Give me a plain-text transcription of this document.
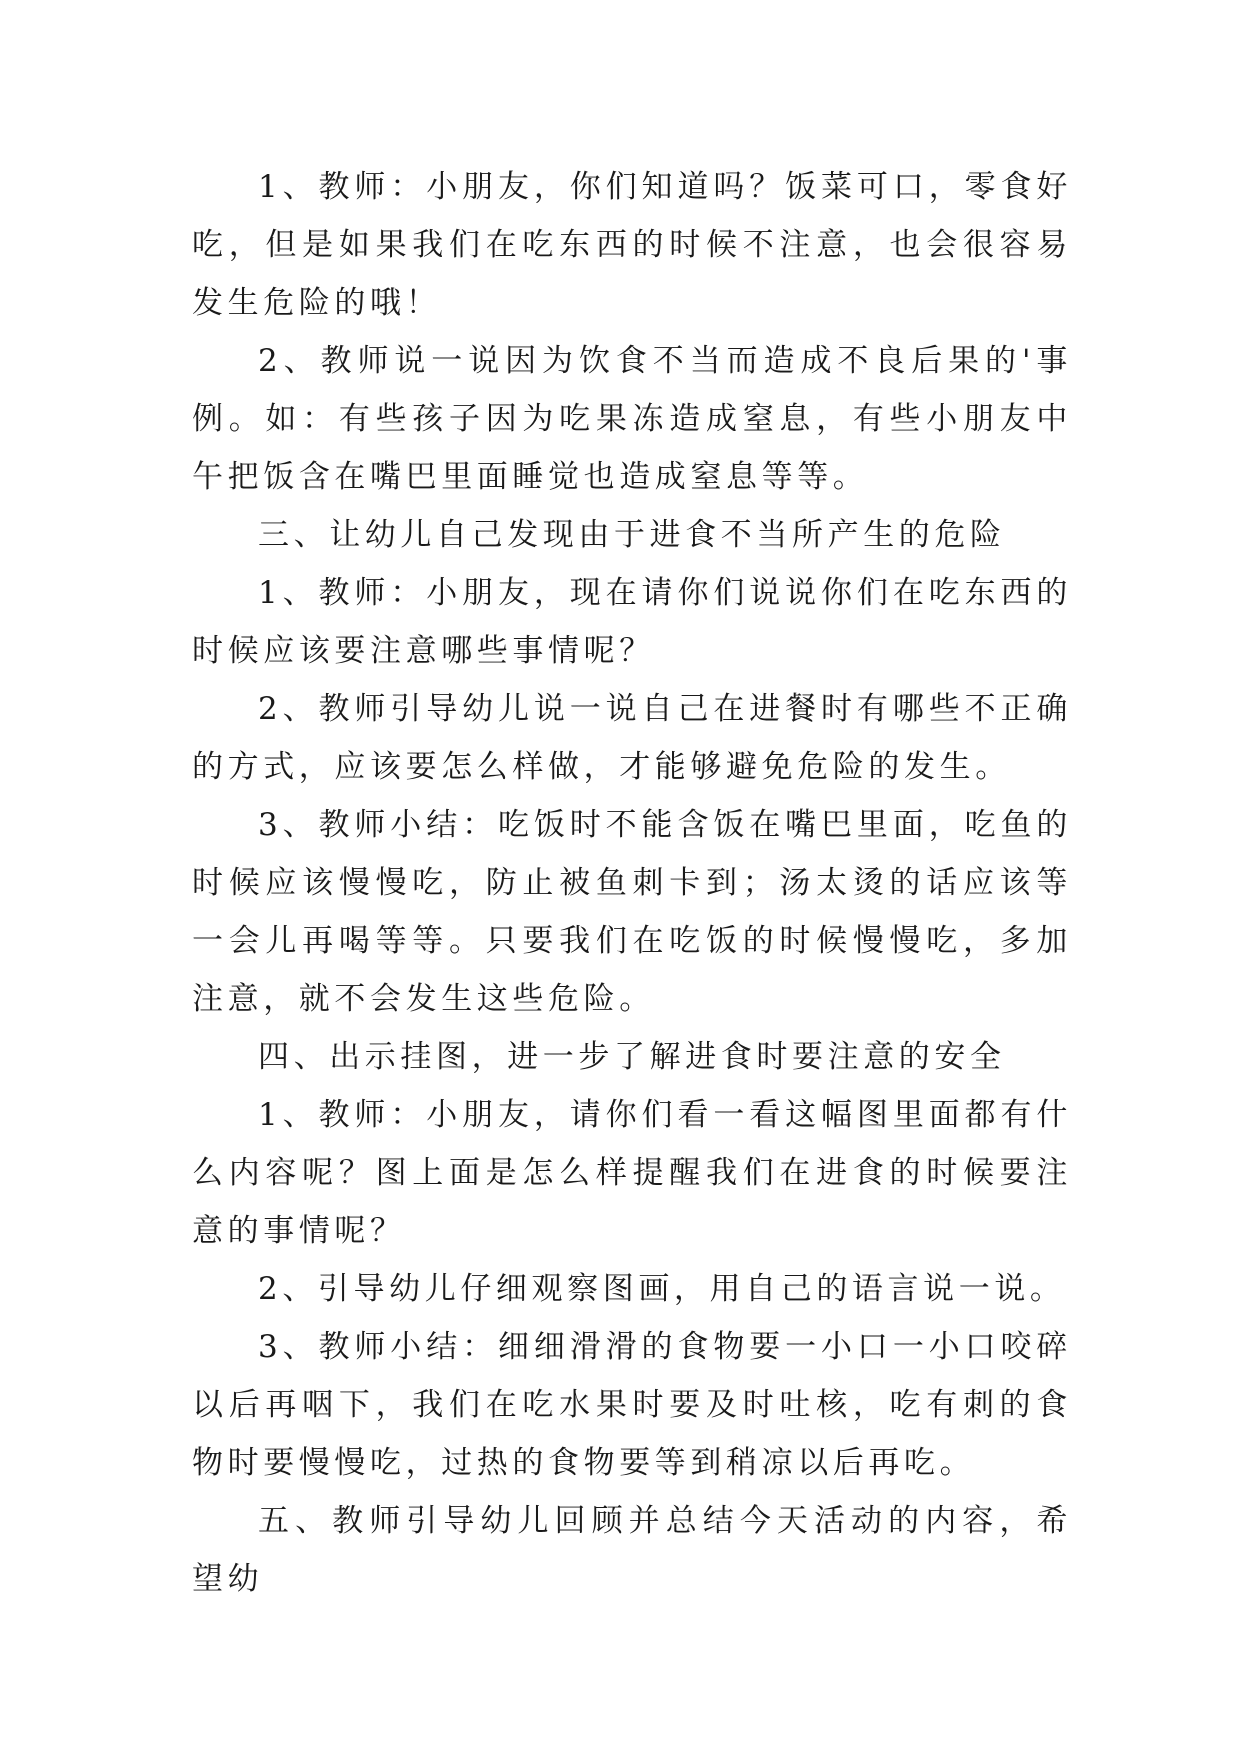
1、教师：小朋友，你们知道吗？饭菜可口，零食好吃，但是如果我们在吃东西的时候不注意，也会很容易发生危险的哦！

2、教师说一说因为饮食不当而造成不良后果的'事例。如：有些孩子因为吃果冻造成窒息，有些小朋友中午把饭含在嘴巴里面睡觉也造成窒息等等。

三、让幼儿自己发现由于进食不当所产生的危险

1、教师：小朋友，现在请你们说说你们在吃东西的时候应该要注意哪些事情呢？

2、教师引导幼儿说一说自己在进餐时有哪些不正确的方式，应该要怎么样做，才能够避免危险的发生。

3、教师小结：吃饭时不能含饭在嘴巴里面，吃鱼的时候应该慢慢吃，防止被鱼刺卡到；汤太烫的话应该等一会儿再喝等等。只要我们在吃饭的时候慢慢吃，多加注意，就不会发生这些危险。

四、出示挂图，进一步了解进食时要注意的安全

1、教师：小朋友，请你们看一看这幅图里面都有什么内容呢？图上面是怎么样提醒我们在进食的时候要注意的事情呢？

2、引导幼儿仔细观察图画，用自己的语言说一说。

3、教师小结：细细滑滑的食物要一小口一小口咬碎以后再咽下，我们在吃水果时要及时吐核，吃有刺的食物时要慢慢吃，过热的食物要等到稍凉以后再吃。

五、教师引导幼儿回顾并总结今天活动的内容，希望幼
